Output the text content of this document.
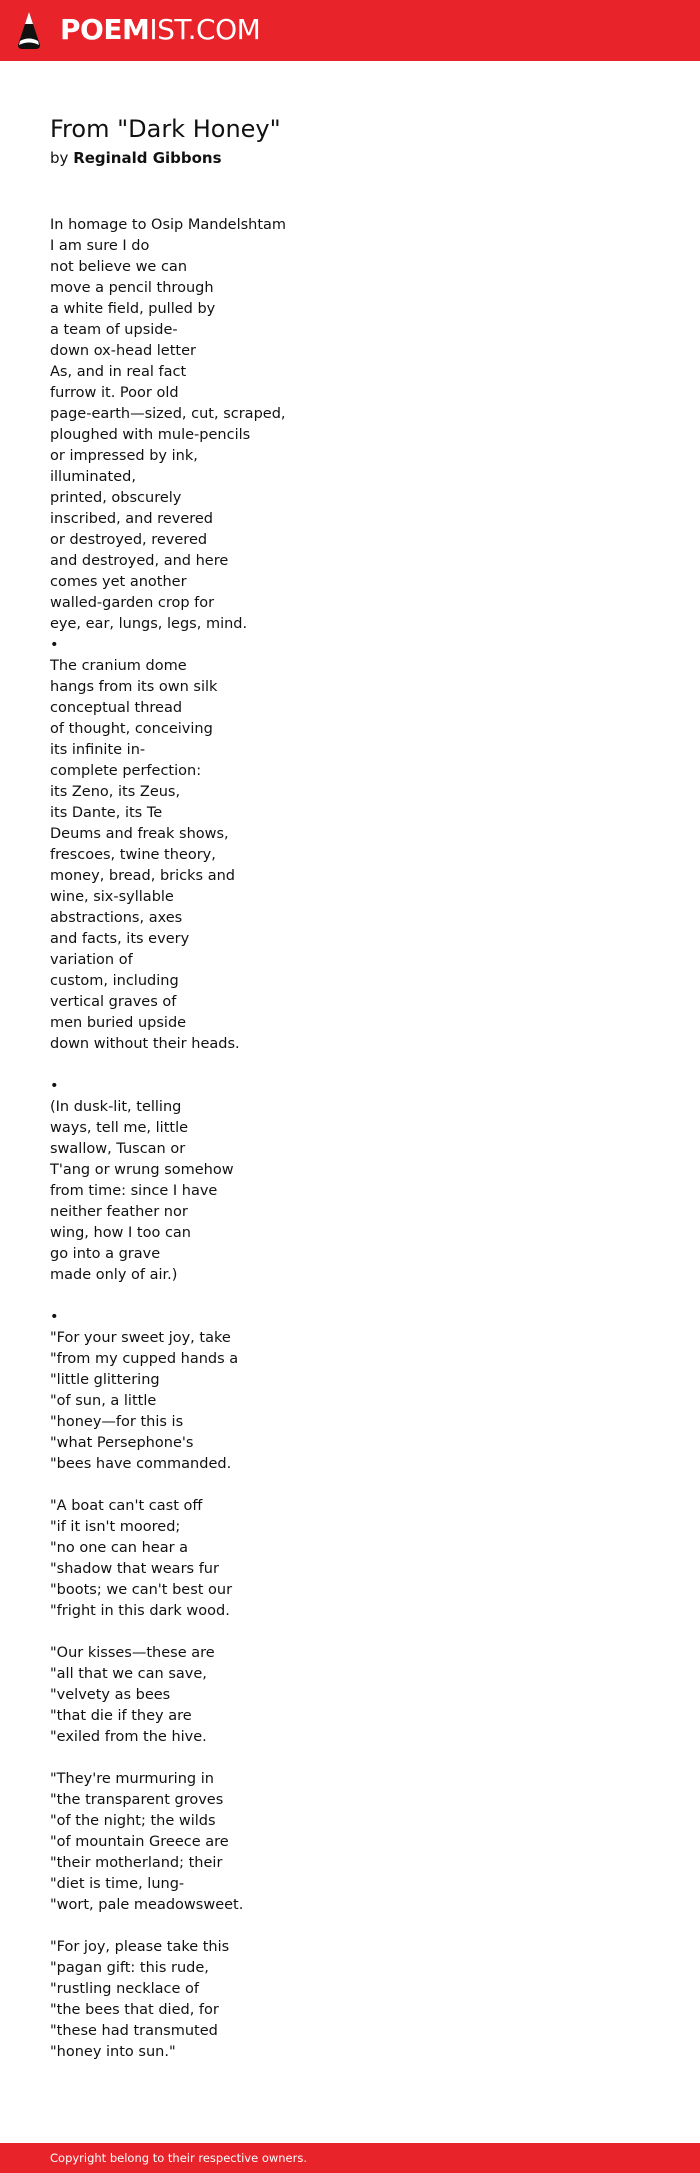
POEMIST.COM
From "Dark Honey"

by Reginald Gibbons

In homage to Osip Mandelshtam
I am sure I do
not believe we can
move a pencil through
a white field, pulled by
a team of upside-
down ox-head letter
As, and in real fact
furrow it. Poor old
page-earth—sized, cut, scraped,
ploughed with mule-pencils
or impressed by ink,
illuminated,
printed, obscurely
inscribed, and revered
or destroyed, revered
and destroyed, and here
comes yet another
walled-garden crop for
eye, ear, lungs, legs, mind.
•
The cranium dome
hangs from its own silk
conceptual thread
of thought, conceiving
its infinite in-
complete perfection:
its Zeno, its Zeus,
its Dante, its Te
Deums and freak shows,
frescoes, twine theory,
money, bread, bricks and
wine, six-syllable
abstractions, axes
and facts, its every
variation of
custom, including
vertical graves of
men buried upside
down without their heads.
•
(In dusk-lit, telling
ways, tell me, little
swallow, Tuscan or
T'ang or wrung somehow
from time: since I have
neither feather nor
wing, how I too can
go into a grave
made only of air.)
•
"For your sweet joy, take
"from my cupped hands a
"little glittering
"of sun, a little
"honey—for this is
"what Persephone's
"bees have commanded.
"A boat can't cast off
"if it isn't moored;
"no one can hear a
"shadow that wears fur
"boots; we can't best our
"fright in this dark wood.
"Our kisses—these are
"all that we can save,
"velvety as bees
"that die if they are
"exiled from the hive.
"They're murmuring in
"the transparent groves
"of the night; the wilds
"of mountain Greece are
"their motherland; their
"diet is time, lung-
"wort, pale meadowsweet.
"For joy, please take this
"pagan gift: this rude,
"rustling necklace of
"the bees that died, for
"these had transmuted
"honey into sun."
Copyright belong to their respective owners.
